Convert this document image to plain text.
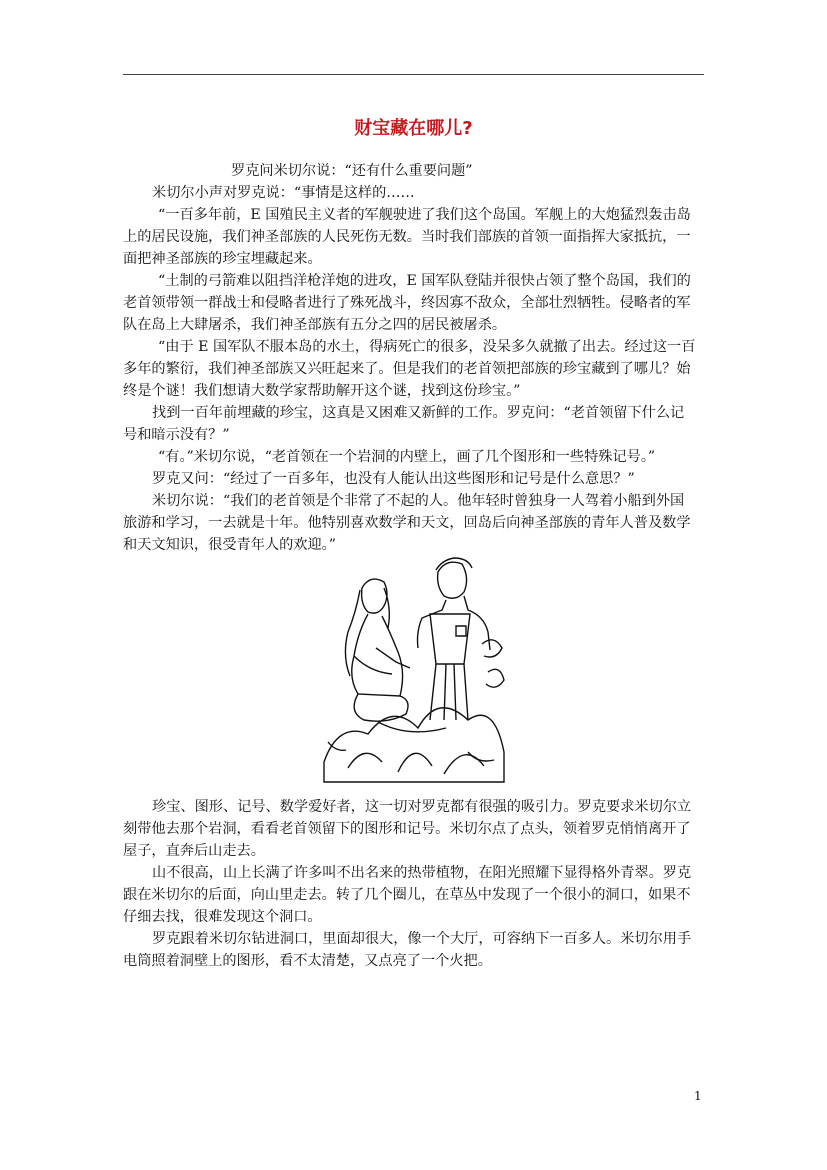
财宝藏在哪儿?
罗克问米切尔说：“还有什么重要问题”
米切尔小声对罗克说：“事情是这样的……
“一百多年前，E 国殖民主义者的军舰驶进了我们这个岛国。军舰上的大炮猛烈轰击岛
上的居民设施，我们神圣部族的人民死伤无数。当时我们部族的首领一面指挥大家抵抗，一
面把神圣部族的珍宝埋藏起来。
“土制的弓箭难以阻挡洋枪洋炮的进攻，E 国军队登陆并很快占领了整个岛国，我们的
老首领带领一群战士和侵略者进行了殊死战斗，终因寡不敌众，全部壮烈牺牲。侵略者的军
队在岛上大肆屠杀，我们神圣部族有五分之四的居民被屠杀。
“由于 E 国军队不服本岛的水土，得病死亡的很多，没呆多久就撤了出去。经过这一百
多年的繁衍，我们神圣部族又兴旺起来了。但是我们的老首领把部族的珍宝藏到了哪儿？始
终是个谜！我们想请大数学家帮助解开这个谜，找到这份珍宝。”
找到一百年前埋藏的珍宝，这真是又困难又新鲜的工作。罗克问：“老首领留下什么记
号和暗示没有？”
“有。”米切尔说，“老首领在一个岩洞的内壁上，画了几个图形和一些特殊记号。”
罗克又问：“经过了一百多年，也没有人能认出这些图形和记号是什么意思？”
米切尔说：“我们的老首领是个非常了不起的人。他年轻时曾独身一人驾着小船到外国
旅游和学习，一去就是十年。他特别喜欢数学和天文，回岛后向神圣部族的青年人普及数学
和天文知识，很受青年人的欢迎。”
珍宝、图形、记号、数学爱好者，这一切对罗克都有很强的吸引力。罗克要求米切尔立
刻带他去那个岩洞，看看老首领留下的图形和记号。米切尔点了点头，领着罗克悄悄离开了
屋子，直奔后山走去。
山不很高，山上长满了许多叫不出名来的热带植物，在阳光照耀下显得格外青翠。罗克
跟在米切尔的后面，向山里走去。转了几个圈儿，在草丛中发现了一个很小的洞口，如果不
仔细去找，很难发现这个洞口。
罗克跟着米切尔钻进洞口，里面却很大，像一个大厅，可容纳下一百多人。米切尔用手
电筒照着洞壁上的图形，看不太清楚，又点亮了一个火把。
1
